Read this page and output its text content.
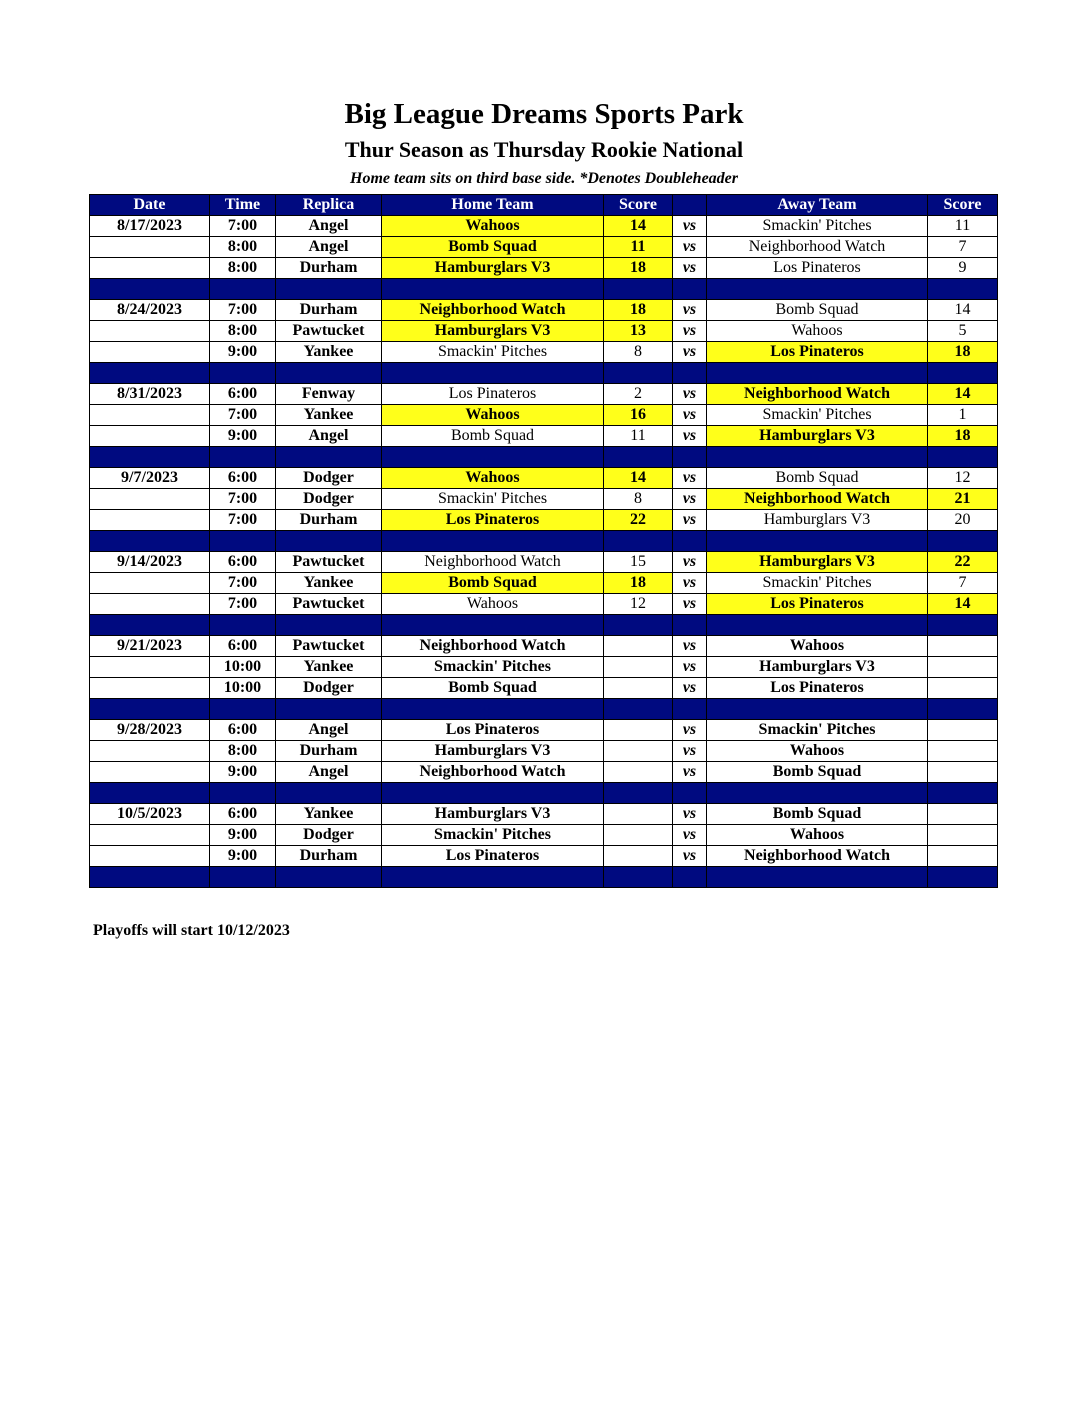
Big League Dreams Sports Park
Thur Season as Thursday Rookie National
Home team sits on third base side. *Denotes Doubleheader
Date	Time	Replica	Home Team	Score		Away Team	Score
8/17/2023	7:00	Angel	Wahoos	14	vs	Smackin' Pitches	11
	8:00	Angel	Bomb Squad	11	vs	Neighborhood Watch	7
	8:00	Durham	Hamburglars V3	18	vs	Los Pinateros	9

8/24/2023	7:00	Durham	Neighborhood Watch	18	vs	Bomb Squad	14
	8:00	Pawtucket	Hamburglars V3	13	vs	Wahoos	5
	9:00	Yankee	Smackin' Pitches	8	vs	Los Pinateros	18

8/31/2023	6:00	Fenway	Los Pinateros	2	vs	Neighborhood Watch	14
	7:00	Yankee	Wahoos	16	vs	Smackin' Pitches	1
	9:00	Angel	Bomb Squad	11	vs	Hamburglars V3	18

9/7/2023	6:00	Dodger	Wahoos	14	vs	Bomb Squad	12
	7:00	Dodger	Smackin' Pitches	8	vs	Neighborhood Watch	21
	7:00	Durham	Los Pinateros	22	vs	Hamburglars V3	20

9/14/2023	6:00	Pawtucket	Neighborhood Watch	15	vs	Hamburglars V3	22
	7:00	Yankee	Bomb Squad	18	vs	Smackin' Pitches	7
	7:00	Pawtucket	Wahoos	12	vs	Los Pinateros	14

9/21/2023	6:00	Pawtucket	Neighborhood Watch		vs	Wahoos	
	10:00	Yankee	Smackin' Pitches		vs	Hamburglars V3	
	10:00	Dodger	Bomb Squad		vs	Los Pinateros	

9/28/2023	6:00	Angel	Los Pinateros		vs	Smackin' Pitches	
	8:00	Durham	Hamburglars V3		vs	Wahoos	
	9:00	Angel	Neighborhood Watch		vs	Bomb Squad	

10/5/2023	6:00	Yankee	Hamburglars V3		vs	Bomb Squad	
	9:00	Dodger	Smackin' Pitches		vs	Wahoos	
	9:00	Durham	Los Pinateros		vs	Neighborhood Watch	

Playoffs will start 10/12/2023
